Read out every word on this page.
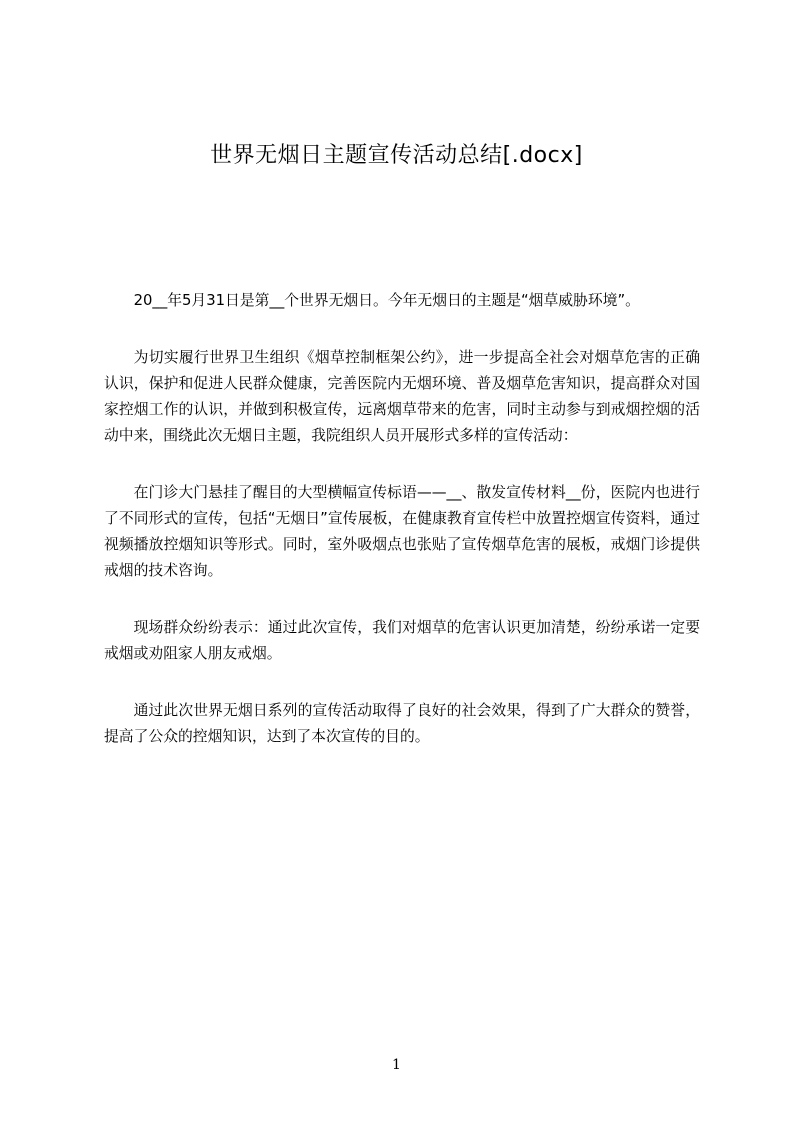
世界无烟日主题宣传活动总结[.docx]

20__年5月31日是第__个世界无烟日。今年无烟日的主题是“烟草威胁环境”。

为切实履行世界卫生组织《烟草控制框架公约》，进一步提高全社会对烟草危害的正确认识，保护和促进人民群众健康，完善医院内无烟环境、普及烟草危害知识，提高群众对国家控烟工作的认识，并做到积极宣传，远离烟草带来的危害，同时主动参与到戒烟控烟的活动中来，围绕此次无烟日主题，我院组织人员开展形式多样的宣传活动：

在门诊大门悬挂了醒目的大型横幅宣传标语——__、散发宣传材料__份，医院内也进行了不同形式的宣传，包括“无烟日”宣传展板，在健康教育宣传栏中放置控烟宣传资料，通过视频播放控烟知识等形式。同时，室外吸烟点也张贴了宣传烟草危害的展板，戒烟门诊提供戒烟的技术咨询。

现场群众纷纷表示：通过此次宣传，我们对烟草的危害认识更加清楚，纷纷承诺一定要戒烟或劝阻家人朋友戒烟。

通过此次世界无烟日系列的宣传活动取得了良好的社会效果，得到了广大群众的赞誉，提高了公众的控烟知识，达到了本次宣传的目的。

1
